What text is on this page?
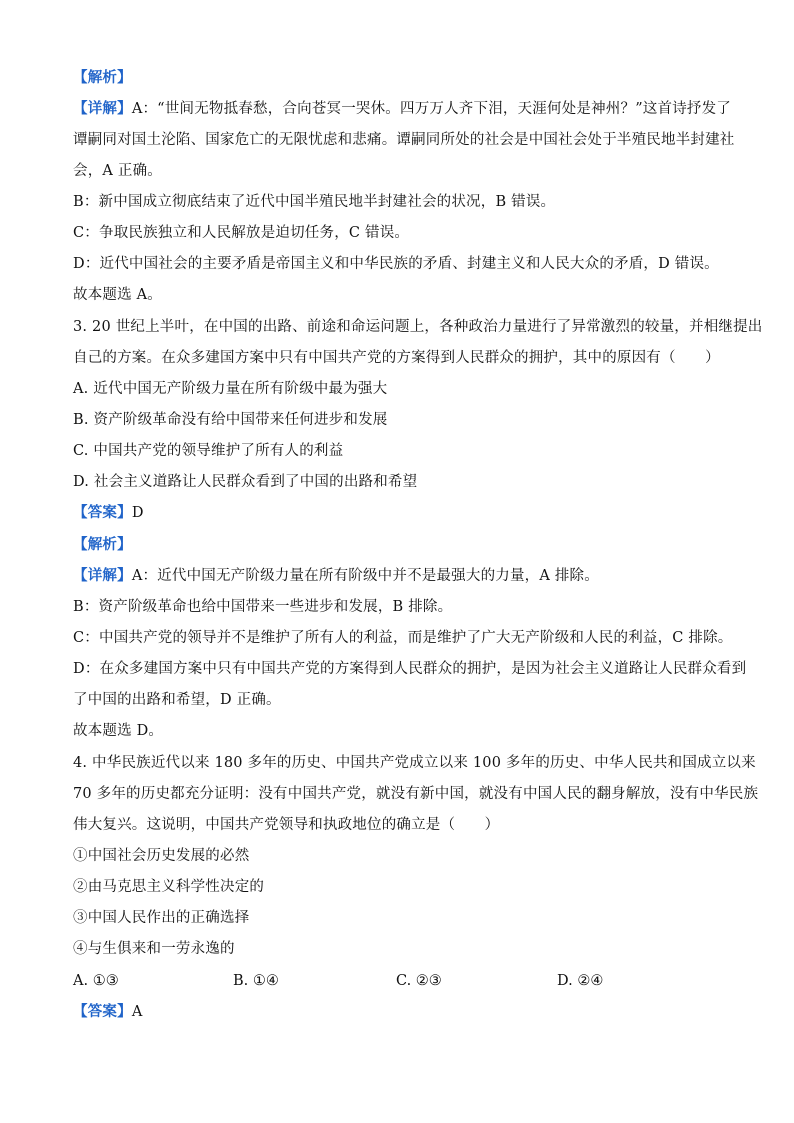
【解析】
【详解】A：“世间无物抵春愁，合向苍冥一哭休。四万万人齐下泪，天涯何处是神州？”这首诗抒发了
谭嗣同对国土沦陷、国家危亡的无限忧虑和悲痛。谭嗣同所处的社会是中国社会处于半殖民地半封建社
会，A 正确。
B：新中国成立彻底结束了近代中国半殖民地半封建社会的状况，B 错误。
C：争取民族独立和人民解放是迫切任务，C 错误。
D：近代中国社会的主要矛盾是帝国主义和中华民族的矛盾、封建主义和人民大众的矛盾，D 错误。
故本题选 A。
3. 20 世纪上半叶，在中国的出路、前途和命运问题上，各种政治力量进行了异常激烈的较量，并相继提出
自己的方案。在众多建国方案中只有中国共产党的方案得到人民群众的拥护，其中的原因有（　　）
A. 近代中国无产阶级力量在所有阶级中最为强大
B. 资产阶级革命没有给中国带来任何进步和发展
C. 中国共产党的领导维护了所有人的利益
D. 社会主义道路让人民群众看到了中国的出路和希望
【答案】D
【解析】
【详解】A：近代中国无产阶级力量在所有阶级中并不是最强大的力量，A 排除。
B：资产阶级革命也给中国带来一些进步和发展，B 排除。
C：中国共产党的领导并不是维护了所有人的利益，而是维护了广大无产阶级和人民的利益，C 排除。
D：在众多建国方案中只有中国共产党的方案得到人民群众的拥护，是因为社会主义道路让人民群众看到
了中国的出路和希望，D 正确。
故本题选 D。
4. 中华民族近代以来 180 多年的历史、中国共产党成立以来 100 多年的历史、中华人民共和国成立以来
70 多年的历史都充分证明：没有中国共产党，就没有新中国，就没有中国人民的翻身解放，没有中华民族
伟大复兴。这说明，中国共产党领导和执政地位的确立是（　　）
①中国社会历史发展的必然
②由马克思主义科学性决定的
③中国人民作出的正确选择
④与生俱来和一劳永逸的
A. ①③	B. ①④	C. ②③	D. ②④
【答案】A
